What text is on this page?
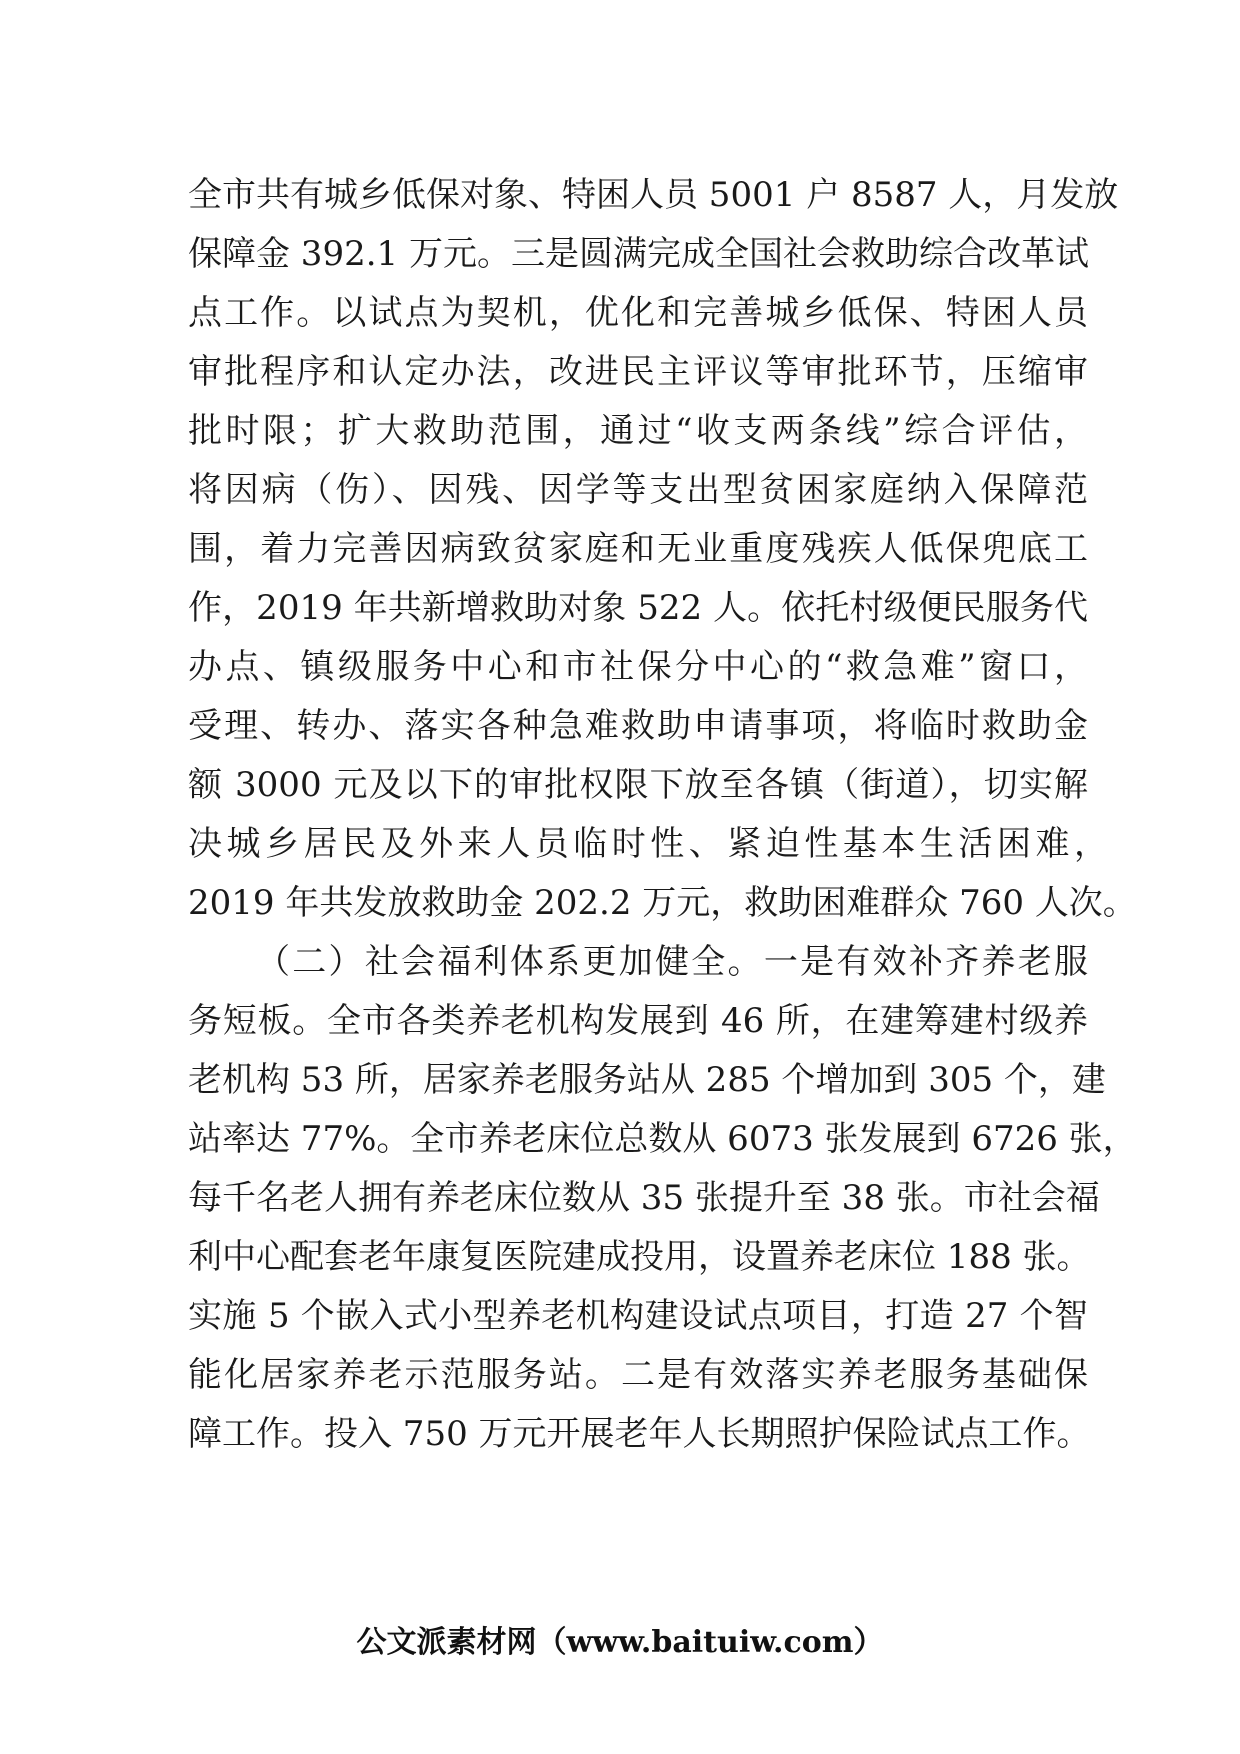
全市共有城乡低保对象、特困人员 5001 户 8587 人，月发放
保障金 392.1 万元。三是圆满完成全国社会救助综合改革试
点工作。以试点为契机，优化和完善城乡低保、特困人员
审批程序和认定办法，改进民主评议等审批环节，压缩审
批时限；扩大救助范围，通过“收支两条线”综合评估，
将因病（伤）、因残、因学等支出型贫困家庭纳入保障范
围，着力完善因病致贫家庭和无业重度残疾人低保兜底工
作，2019 年共新增救助对象 522 人。依托村级便民服务代
办点、镇级服务中心和市社保分中心的“救急难”窗口，
受理、转办、落实各种急难救助申请事项，将临时救助金
额 3000 元及以下的审批权限下放至各镇（街道），切实解
决城乡居民及外来人员临时性、紧迫性基本生活困难，
2019 年共发放救助金 202.2 万元，救助困难群众 760 人次。
（二）社会福利体系更加健全。一是有效补齐养老服
务短板。全市各类养老机构发展到 46 所，在建筹建村级养
老机构 53 所，居家养老服务站从 285 个增加到 305 个，建
站率达 77%。全市养老床位总数从 6073 张发展到 6726 张，
每千名老人拥有养老床位数从 35 张提升至 38 张。市社会福
利中心配套老年康复医院建成投用，设置养老床位 188 张。
实施 5 个嵌入式小型养老机构建设试点项目，打造 27 个智
能化居家养老示范服务站。二是有效落实养老服务基础保
障工作。投入 750 万元开展老年人长期照护保险试点工作。
公文派素材网（www.baituiw.com）
